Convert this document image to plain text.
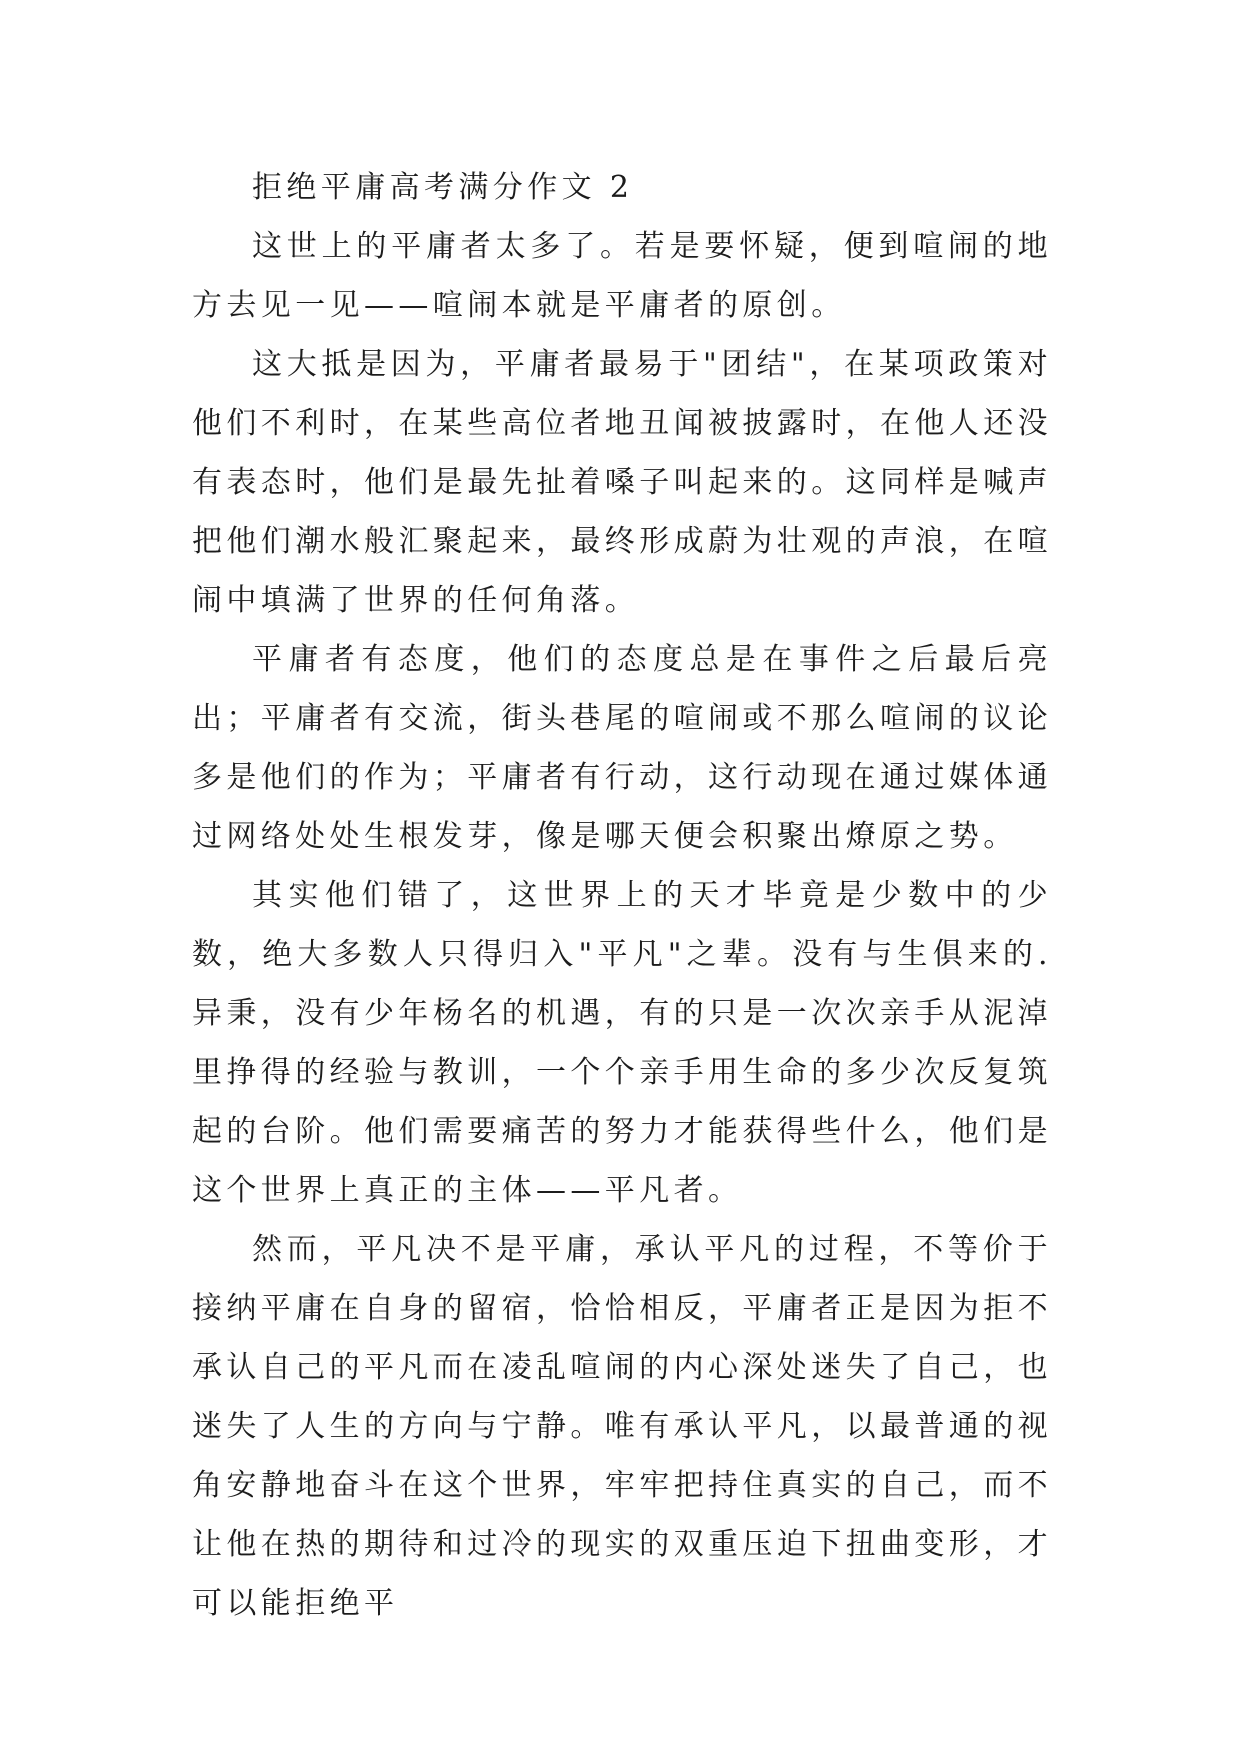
拒绝平庸高考满分作文 2

这世上的平庸者太多了。若是要怀疑，便到喧闹的地方去见一见——喧闹本就是平庸者的原创。

这大抵是因为，平庸者最易于"团结"，在某项政策对他们不利时，在某些高位者地丑闻被披露时，在他人还没有表态时，他们是最先扯着嗓子叫起来的。这同样是喊声把他们潮水般汇聚起来，最终形成蔚为壮观的声浪，在喧闹中填满了世界的任何角落。

平庸者有态度，他们的态度总是在事件之后最后亮出；平庸者有交流，街头巷尾的喧闹或不那么喧闹的议论多是他们的作为；平庸者有行动，这行动现在通过媒体通过网络处处生根发芽，像是哪天便会积聚出燎原之势。

其实他们错了，这世界上的天才毕竟是少数中的少数，绝大多数人只得归入"平凡"之辈。没有与生俱来的.异秉，没有少年杨名的机遇，有的只是一次次亲手从泥淖里挣得的经验与教训，一个个亲手用生命的多少次反复筑起的台阶。他们需要痛苦的努力才能获得些什么，他们是这个世界上真正的主体——平凡者。

然而，平凡决不是平庸，承认平凡的过程，不等价于接纳平庸在自身的留宿，恰恰相反，平庸者正是因为拒不承认自己的平凡而在凌乱喧闹的内心深处迷失了自己，也迷失了人生的方向与宁静。唯有承认平凡，以最普通的视角安静地奋斗在这个世界，牢牢把持住真实的自己，而不让他在热的期待和过冷的现实的双重压迫下扭曲变形，才可以能拒绝平
